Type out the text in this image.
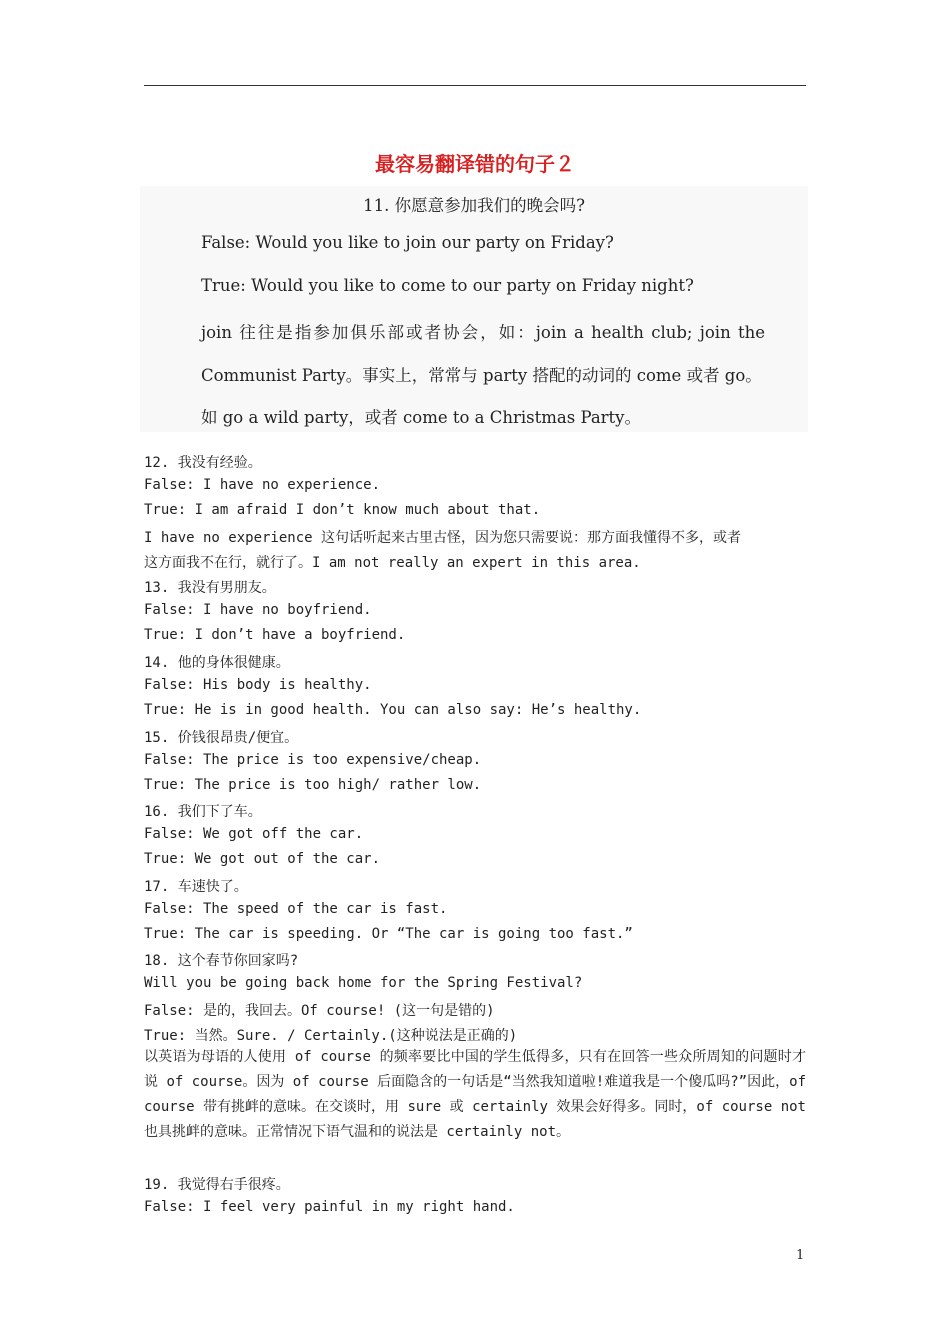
最容易翻译错的句子２
11. 你愿意参加我们的晚会吗?
False: Would you like to join our party on Friday?
True: Would you like to come to our party on Friday night?
join 往往是指参加俱乐部或者协会，如：join a health club; join the
Communist Party。事实上，常常与 party 搭配的动词的 come 或者 go。
如 go a wild party，或者 come to a Christmas Party。
12. 我没有经验。
False: I have no experience.
True: I am afraid I don’t know much about that.
I have no experience 这句话听起来古里古怪，因为您只需要说：那方面我懂得不多，或者
这方面我不在行，就行了。I am not really an expert in this area.
13. 我没有男朋友。
False: I have no boyfriend.
True: I don’t have a boyfriend.
14. 他的身体很健康。
False: His body is healthy.
True: He is in good health. You can also say: He’s healthy.
15. 价钱很昂贵/便宜。
False: The price is too expensive/cheap.
True: The price is too high/ rather low.
16. 我们下了车。
False: We got off the car.
True: We got out of the car.
17. 车速快了。
False: The speed of the car is fast.
True: The car is speeding. Or “The car is going too fast.”
18. 这个春节你回家吗?
Will you be going back home for the Spring Festival?
False: 是的，我回去。Of course! (这一句是错的)
True: 当然。Sure. / Certainly.(这种说法是正确的)
以英语为母语的人使用 of course 的频率要比中国的学生低得多，只有在回答一些众所周知的问题时才说 of course。因为 of course 后面隐含的一句话是“当然我知道啦!难道我是一个傻瓜吗?”因此，of course 带有挑衅的意味。在交谈时，用 sure 或 certainly 效果会好得多。同时，of course not 也具挑衅的意味。正常情况下语气温和的说法是 certainly not。
19. 我觉得右手很疼。
False: I feel very painful in my right hand.
1
